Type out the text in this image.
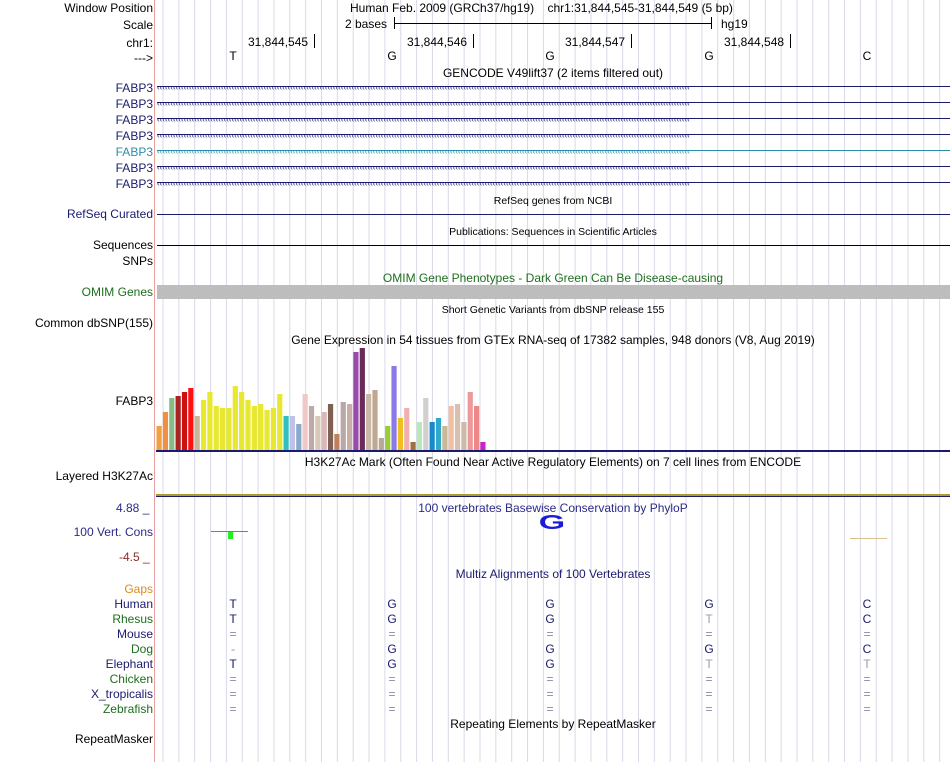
Window Position	Human Feb. 2009 (GRCh37/hg19)    chr1:31,844,545-31,844,549 (5 bp)
Scale	2 bases	hg19
chr1:	31,844,545	31,844,546	31,844,547	31,844,548
--->	T	G	G	G	C
GENCODE V49lift37 (2 items filtered out)
FABP3 ‹‹‹‹‹‹‹‹‹‹‹‹‹‹‹‹‹‹‹‹‹‹‹‹‹‹‹‹‹‹‹‹‹‹‹‹‹‹‹‹‹‹‹‹‹‹‹‹‹‹‹‹‹‹‹‹‹‹‹‹‹‹‹‹‹‹‹‹‹‹‹‹‹‹‹‹‹‹‹‹‹‹‹‹‹‹‹‹‹‹‹‹‹‹‹‹‹‹‹‹‹‹‹‹‹‹‹‹‹‹‹‹‹‹‹‹‹‹‹‹‹‹‹‹‹‹‹‹‹‹‹‹‹‹‹‹‹‹‹‹‹‹‹‹‹‹‹‹‹‹‹‹‹‹‹‹‹‹‹‹‹‹‹‹‹‹‹‹‹‹‹‹‹‹‹‹‹‹‹‹‹‹‹‹‹‹‹‹‹‹‹‹‹‹‹‹‹‹‹‹
FABP3 ‹‹‹‹‹‹‹‹‹‹‹‹‹‹‹‹‹‹‹‹‹‹‹‹‹‹‹‹‹‹‹‹‹‹‹‹‹‹‹‹‹‹‹‹‹‹‹‹‹‹‹‹‹‹‹‹‹‹‹‹‹‹‹‹‹‹‹‹‹‹‹‹‹‹‹‹‹‹‹‹‹‹‹‹‹‹‹‹‹‹‹‹‹‹‹‹‹‹‹‹‹‹‹‹‹‹‹‹‹‹‹‹‹‹‹‹‹‹‹‹‹‹‹‹‹‹‹‹‹‹‹‹‹‹‹‹‹‹‹‹‹‹‹‹‹‹‹‹‹‹‹‹‹‹‹‹‹‹‹‹‹‹‹‹‹‹‹‹‹‹‹‹‹‹‹‹‹‹‹‹‹‹‹‹‹‹‹‹‹‹‹‹‹‹‹‹‹‹‹‹
FABP3 ‹‹‹‹‹‹‹‹‹‹‹‹‹‹‹‹‹‹‹‹‹‹‹‹‹‹‹‹‹‹‹‹‹‹‹‹‹‹‹‹‹‹‹‹‹‹‹‹‹‹‹‹‹‹‹‹‹‹‹‹‹‹‹‹‹‹‹‹‹‹‹‹‹‹‹‹‹‹‹‹‹‹‹‹‹‹‹‹‹‹‹‹‹‹‹‹‹‹‹‹‹‹‹‹‹‹‹‹‹‹‹‹‹‹‹‹‹‹‹‹‹‹‹‹‹‹‹‹‹‹‹‹‹‹‹‹‹‹‹‹‹‹‹‹‹‹‹‹‹‹‹‹‹‹‹‹‹‹‹‹‹‹‹‹‹‹‹‹‹‹‹‹‹‹‹‹‹‹‹‹‹‹‹‹‹‹‹‹‹‹‹‹‹‹‹‹‹‹‹‹
FABP3 ‹‹‹‹‹‹‹‹‹‹‹‹‹‹‹‹‹‹‹‹‹‹‹‹‹‹‹‹‹‹‹‹‹‹‹‹‹‹‹‹‹‹‹‹‹‹‹‹‹‹‹‹‹‹‹‹‹‹‹‹‹‹‹‹‹‹‹‹‹‹‹‹‹‹‹‹‹‹‹‹‹‹‹‹‹‹‹‹‹‹‹‹‹‹‹‹‹‹‹‹‹‹‹‹‹‹‹‹‹‹‹‹‹‹‹‹‹‹‹‹‹‹‹‹‹‹‹‹‹‹‹‹‹‹‹‹‹‹‹‹‹‹‹‹‹‹‹‹‹‹‹‹‹‹‹‹‹‹‹‹‹‹‹‹‹‹‹‹‹‹‹‹‹‹‹‹‹‹‹‹‹‹‹‹‹‹‹‹‹‹‹‹‹‹‹‹‹‹‹‹
FABP3 ‹‹‹‹‹‹‹‹‹‹‹‹‹‹‹‹‹‹‹‹‹‹‹‹‹‹‹‹‹‹‹‹‹‹‹‹‹‹‹‹‹‹‹‹‹‹‹‹‹‹‹‹‹‹‹‹‹‹‹‹‹‹‹‹‹‹‹‹‹‹‹‹‹‹‹‹‹‹‹‹‹‹‹‹‹‹‹‹‹‹‹‹‹‹‹‹‹‹‹‹‹‹‹‹‹‹‹‹‹‹‹‹‹‹‹‹‹‹‹‹‹‹‹‹‹‹‹‹‹‹‹‹‹‹‹‹‹‹‹‹‹‹‹‹‹‹‹‹‹‹‹‹‹‹‹‹‹‹‹‹‹‹‹‹‹‹‹‹‹‹‹‹‹‹‹‹‹‹‹‹‹‹‹‹‹‹‹‹‹‹‹‹‹‹‹‹‹‹‹‹
FABP3 ‹‹‹‹‹‹‹‹‹‹‹‹‹‹‹‹‹‹‹‹‹‹‹‹‹‹‹‹‹‹‹‹‹‹‹‹‹‹‹‹‹‹‹‹‹‹‹‹‹‹‹‹‹‹‹‹‹‹‹‹‹‹‹‹‹‹‹‹‹‹‹‹‹‹‹‹‹‹‹‹‹‹‹‹‹‹‹‹‹‹‹‹‹‹‹‹‹‹‹‹‹‹‹‹‹‹‹‹‹‹‹‹‹‹‹‹‹‹‹‹‹‹‹‹‹‹‹‹‹‹‹‹‹‹‹‹‹‹‹‹‹‹‹‹‹‹‹‹‹‹‹‹‹‹‹‹‹‹‹‹‹‹‹‹‹‹‹‹‹‹‹‹‹‹‹‹‹‹‹‹‹‹‹‹‹‹‹‹‹‹‹‹‹‹‹‹‹‹‹‹
FABP3 ‹‹‹‹‹‹‹‹‹‹‹‹‹‹‹‹‹‹‹‹‹‹‹‹‹‹‹‹‹‹‹‹‹‹‹‹‹‹‹‹‹‹‹‹‹‹‹‹‹‹‹‹‹‹‹‹‹‹‹‹‹‹‹‹‹‹‹‹‹‹‹‹‹‹‹‹‹‹‹‹‹‹‹‹‹‹‹‹‹‹‹‹‹‹‹‹‹‹‹‹‹‹‹‹‹‹‹‹‹‹‹‹‹‹‹‹‹‹‹‹‹‹‹‹‹‹‹‹‹‹‹‹‹‹‹‹‹‹‹‹‹‹‹‹‹‹‹‹‹‹‹‹‹‹‹‹‹‹‹‹‹‹‹‹‹‹‹‹‹‹‹‹‹‹‹‹‹‹‹‹‹‹‹‹‹‹‹‹‹‹‹‹‹‹‹‹‹‹‹‹
RefSeq genes from NCBI
RefSeq Curated
Publications: Sequences in Scientific Articles
Sequences
SNPs
OMIM Gene Phenotypes - Dark Green Can Be Disease-causing
OMIM Genes
Short Genetic Variants from dbSNP release 155
Common dbSNP(155)
Gene Expression in 54 tissues from GTEx RNA-seq of 17382 samples, 948 donors (V8, Aug 2019)
FABP3
H3K27Ac Mark (Often Found Near Active Regulatory Elements) on 7 cell lines from ENCODE
Layered H3K27Ac
100 vertebrates Basewise Conservation by PhyloP
4.88 _
100 Vert. Cons
-4.5 _
G
Gaps
Multiz Alignments of 100 Vertebrates
Human	T	G	G	G	C
Rhesus	T	G	G	T	C
Mouse	=	=	=	=	=
Dog	-	G	G	G	C
Elephant	T	G	G	T	T
Chicken	=	=	=	=	=
X_tropicalis	=	=	=	=	=
Zebrafish	=	=	=	=	=
Repeating Elements by RepeatMasker
RepeatMasker
